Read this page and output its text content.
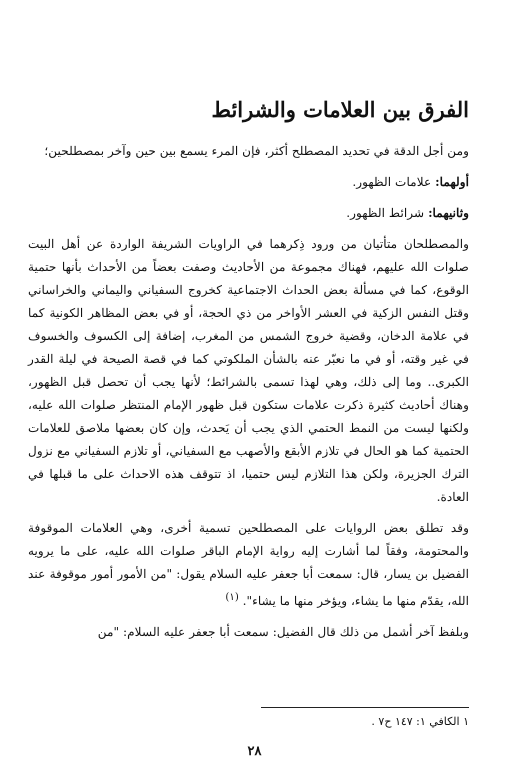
الفرق بين العلامات والشرائط

ومن أجل الدقة في تحديد المصطلح أكثر، فإن المرء يسمع بين حين وآخر بمصطلحين؛

أولهما: علامات الظهور.
وثانيهما: شرائط الظهور.

والمصطلحان متأتيان من ورود ذِكرهما في الراويات الشريفة الواردة عن أهل البيت صلوات الله عليهم، فهناك مجموعة من الأحاديث وصفت بعضاً من الأحداث بأنها حتمية الوقوع، كما في مسألة بعض الحداث الاجتماعية كخروج السفياني واليماني والخراساني وقتل النفس الزكية في العشر الأواخر من ذي الحجة، أو في بعض المظاهر الكونية كما في علامة الدخان، وقضية خروج الشمس من المغرب، إضافة إلى الكسوف والخسوف في غير وقته، أو في ما نعبّر عنه بالشأن الملكوتي كما في قصة الصيحة في ليلة القدر الكبرى.. وما إلى ذلك، وهي لهذا تسمى بالشرائط؛ لأنها يجب أن تحصل قبل الظهور، وهناك أحاديث كثيرة ذكرت علامات ستكون قبل ظهور الإمام المنتظر صلوات الله عليه، ولكنها ليست من النمط الحتمي الذي يجب أن يَحدث، وإن كان بعضها ملاصق للعلامات الحتمية كما هو الحال في تلازم الأبقع والأصهب مع السفياني، أو تلازم السفياني مع نزول الترك الجزيرة، ولكن هذا التلازم ليس حتميا، اذ تتوقف هذه الاحداث على ما قبلها في العادة.

وقد تطلق بعض الروايات على المصطلحين تسمية أخرى، وهي العلامات الموقوفة والمحتومة، وفقاً لما أشارت إليه رواية الإمام الباقر صلوات الله عليه، على ما يرويه الفضيل بن يسار، قال: سمعت أبا جعفر عليه السلام يقول: "من الأمور أمور موقوفة عند الله، يقدّم منها ما يشاء، ويؤخر منها ما يشاء". $^{(١)}$

وبلفظ آخر أشمل من ذلك قال الفضيل: سمعت أبا جعفر عليه السلام: "من

١ الكافي ١: ١٤٧ ح٧ .
٢٨
